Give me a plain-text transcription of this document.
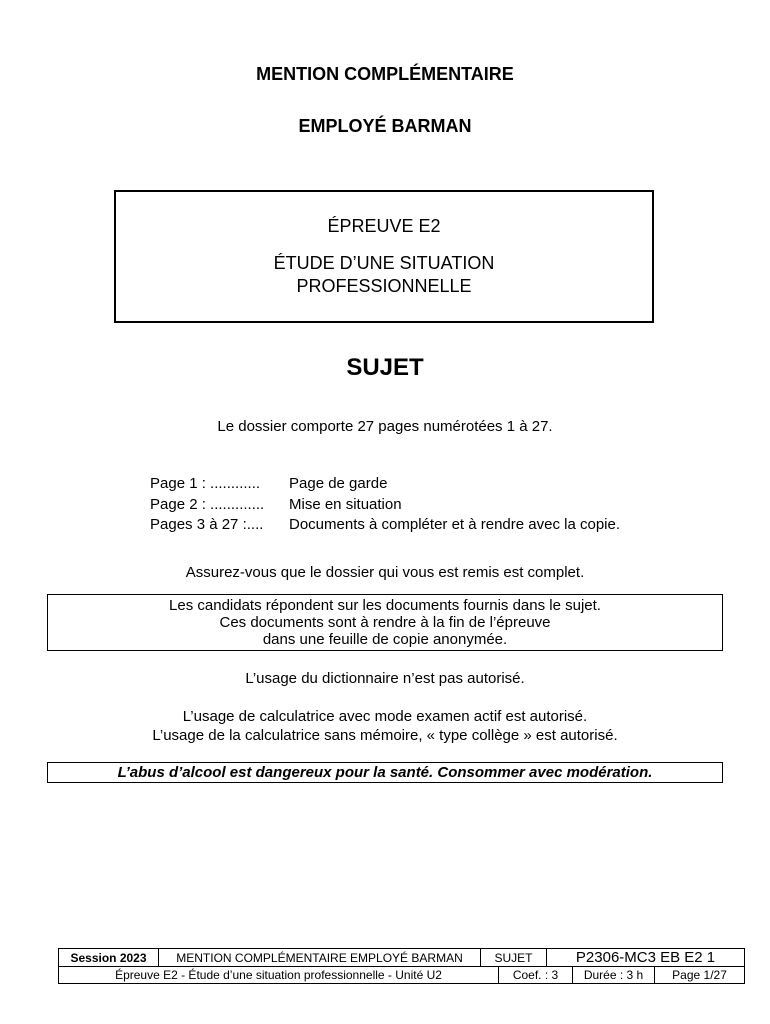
MENTION COMPLÉMENTAIRE
EMPLOYÉ BARMAN
ÉPREUVE E2
ÉTUDE D’UNE SITUATION
PROFESSIONNELLE
SUJET
Le dossier comporte 27 pages numérotées 1 à 27.
Page 1 : ............	Page de garde
Page 2 : .............	Mise en situation
Pages 3 à 27 :....	Documents à compléter et à rendre avec la copie.
Assurez-vous que le dossier qui vous est remis est complet.
Les candidats répondent sur les documents fournis dans le sujet.
Ces documents sont à rendre à la fin de l’épreuve
dans une feuille de copie anonymée.
L’usage du dictionnaire n’est pas autorisé.
L’usage de calculatrice avec mode examen actif est autorisé.
L’usage de la calculatrice sans mémoire, « type collège » est autorisé.
L’abus d’alcool est dangereux pour la santé. Consommer avec modération.
Session 2023	MENTION COMPLÉMENTAIRE EMPLOYÉ BARMAN	SUJET		P2306-MC3 EB E2 1		
Épreuve E2 - Étude d’une situation professionnelle - Unité U2			Coef. : 3		Durée : 3 h	Page 1/27
